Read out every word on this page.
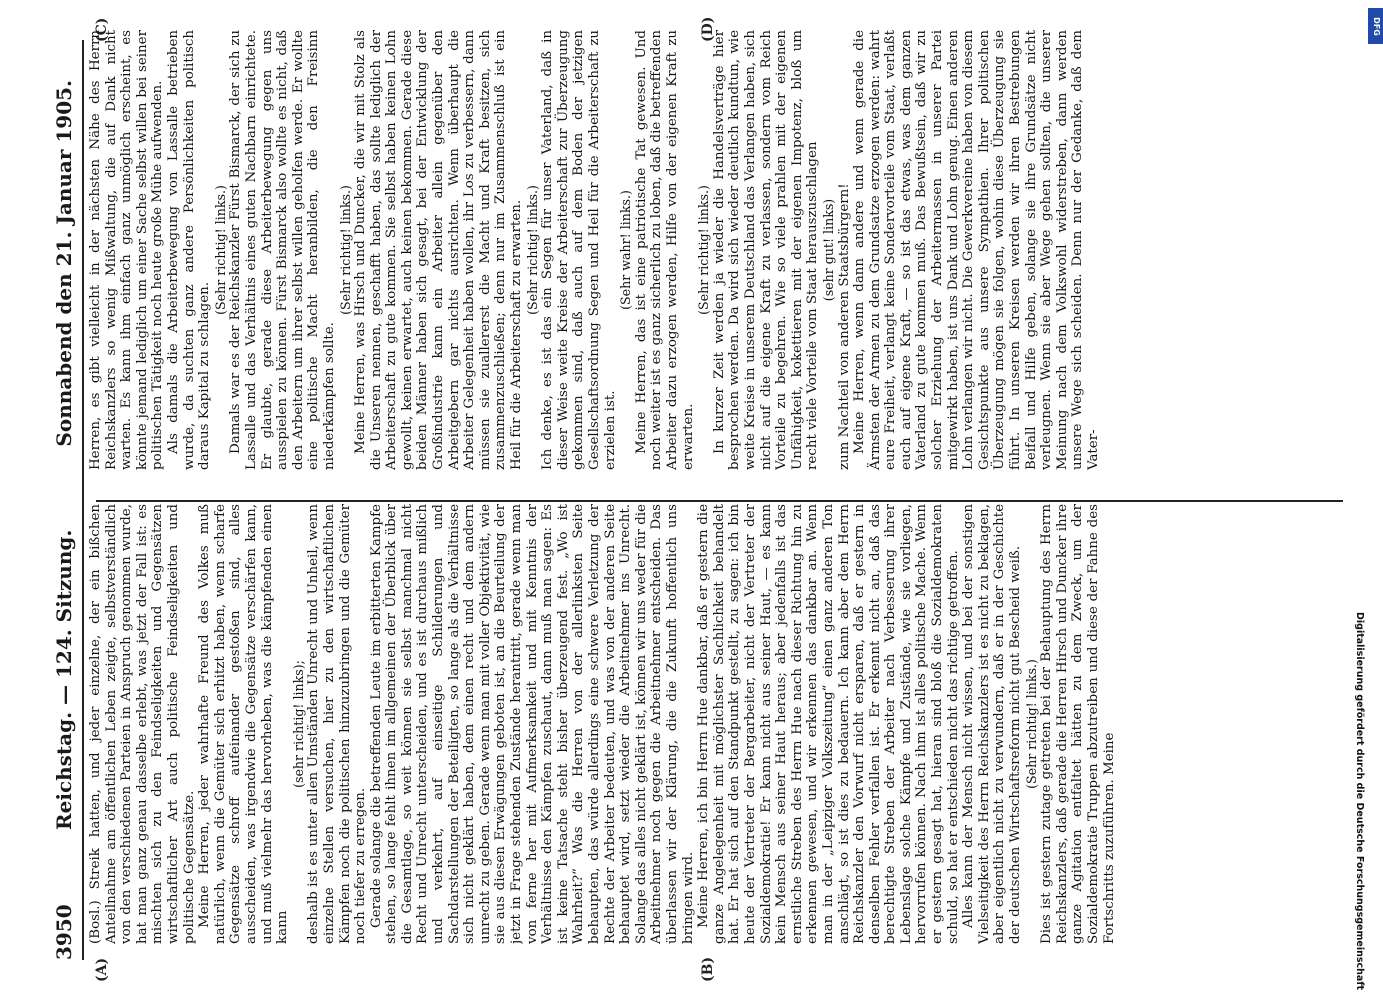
3950
Reichstag. — 124. Sitzung.
Sonnabend den 21. Januar 1905.
(A)	(B)
(C)	(D)

(Bosl.) Streik hatten, und jeder einzelne, der ein bißchen Anteilnahme am öffentlichen Leben zeigte, selbstverständlich von den verschiedenen Parteien in Anspruch genommen wurde, hat man ganz genau dasselbe erlebt, was jetzt der Fall ist: es mischten sich zu den Feindseligkeiten und Gegensätzen wirtschaftlicher Art auch politische Feindseligkeiten und politische Gegensätze. Meine Herren, jeder wahrhafte Freund des Volkes muß natürlich, wenn die Gemüter sich erhitzt haben, wenn scharfe Gegensätze schroff aufeinander gestoßen sind, alles ausscheiden, was irgendwie die Gegensätze verschärfen kann, und muß vielmehr das hervorheben, was die kämpfenden einen kann

(sehr richtig! links); deshalb ist es unter allen Umständen Unrecht und Unheil, wenn einzelne Stellen versuchen, hier zu den wirtschaftlichen Kämpfen noch die politischen hinzuzubringen und die Gemüter noch tiefer zu erregen. Gerade solange die betreffenden Leute im erbitterten Kampfe stehen, so lange fehlt ihnen im allgemeinen der Überblick über die Gesamtlage, so weit können sie selbst manchmal nicht Recht und Unrecht unterscheiden, und es ist durchaus mißlich und verkehrt, auf einseitige Schilderungen und Sachdarstellungen der Beteiligten, so lange als die Verhältnisse sich nicht geklärt haben, dem einen recht und dem andern unrecht zu geben. Gerade wenn man mit voller Objektivität, wie sie aus diesen Erwägungen geboten ist, an die Beurteilung der jetzt in Frage stehenden Zustände herantritt, gerade wenn man von ferne her mit Aufmerksamkeit und mit Kenntnis der Verhältnisse den Kämpfen zuschaut, dann muß man sagen: Es ist keine Tatsache steht bisher überzeugend fest. „Wo ist Wahrheit?“ Was die Herren von der allerlinksten Seite behaupten, das würde allerdings eine schwere Verletzung der Rechte der Arbeiter bedeuten, und was von der anderen Seite behauptet wird, setzt wieder die Arbeitnehmer ins Unrecht. Solange das alles nicht geklärt ist, können wir uns weder für die Arbeitnehmer noch gegen die Arbeitnehmer entscheiden. Das überlassen wir der Klärung, die die Zukunft hoffentlich uns bringen wird. Meine Herren, ich bin Herrn Hue dankbar, daß er gestern die ganze Angelegenheit mit möglichster Sachlichkeit behandelt hat. Er hat sich auf den Standpunkt gestellt, zu sagen: ich bin heute der Vertreter der Bergarbeiter, nicht der Vertreter der Sozialdemokratie! Er kann nicht aus seiner Haut, — es kann kein Mensch aus seiner Haut heraus; aber jedenfalls ist das ernstliche Streben des Herrn Hue nach dieser Richtung hin zu erkennen gewesen, und wir erkennen das dankbar an. Wenn man in der „Leipziger Volkszeitung“ einen ganz anderen Ton anschlägt, so ist dies zu bedauern. Ich kann aber dem Herrn Reichskanzler den Vorwurf nicht ersparen, daß er gestern in denselben Fehler verfallen ist. Er erkennt nicht an, daß das berechtigte Streben der Arbeiter nach Verbesserung ihrer Lebenslage solche Kämpfe und Zustände, wie sie vorliegen, hervorrufen können. Nach ihm ist alles politische Mache. Wenn er gestern gesagt hat, hieran sind bloß die Sozialdemokraten schuld, so hat er entschieden nicht das richtige getroffen. Alles kann der Mensch nicht wissen, und bei der sonstigen Vielseitigkeit des Herrn Reichskanzlers ist es nicht zu beklagen, aber eigentlich nicht zu verwundern, daß er in der Geschichte der deutschen Wirtschaftsreform nicht gut Bescheid weiß. (Sehr richtig! links.) Dies ist gestern zutage getreten bei der Behauptung des Herrn Reichskanzlers, daß gerade die Herren Hirsch und Duncker ihre ganze Agitation entfaltet hätten zu dem Zweck, um der Sozialdemokratie Truppen abzutreiben und diese der Fahne des Fortschritts zuzuführen. Meine

Herren, es gibt vielleicht in der nächsten Nähe des Herrn Reichskanzlers so wenig Mißwaltung, die auf Dank nicht warten. Es kann ihm einfach ganz unmöglich erscheint, es könnte jemand lediglich um einer Sache selbst willen bei seiner politischen Tätigkeit noch heute große Mühe aufwenden. Als damals die Arbeiterbewegung von Lassalle betrieben wurde, da suchten ganz andere Persönlichkeiten politisch daraus Kapital zu schlagen.

(Sehr richtig! links.) Damals war es der Reichskanzler Fürst Bismarck, der sich zu Lassalle und das Verhältnis eines guten Nachbarn einrichtete. Er glaubte, gerade diese Arbeiterbewegung gegen uns ausspielen zu können. Fürst Bismarck also wollte es nicht, daß den Arbeitern um ihrer selbst willen geholfen werde. Er wollte eine politische Macht heranbilden, die den Freisinn niederkämpfen sollte.

(Sehr richtig! links.) Meine Herren, was Hirsch und Duncker, die wir mit Stolz als die Unseren nennen, geschafft haben, das sollte lediglich der Arbeiterschaft zu gute kommen. Sie selbst haben keinen Lohn gewollt, keinen erwartet, auch keinen bekommen. Gerade diese beiden Männer haben sich gesagt, bei der Entwicklung der Großindustrie kann ein Arbeiter allein gegenüber den Arbeitgebern gar nichts ausrichten. Wenn überhaupt die Arbeiter Gelegenheit haben wollen, ihr Los zu verbessern, dann müssen sie zuallererst die Macht und Kraft besitzen, sich zusammenzuschließen; denn nur im Zusammenschluß ist ein Heil für die Arbeiterschaft zu erwarten. (Sehr richtig! links.) Ich denke, es ist das ein Segen für unser Vaterland, daß in dieser Weise weite Kreise der Arbeiterschaft zur Überzeugung gekommen sind, daß auch auf dem Boden der jetzigen Gesellschaftsordnung Segen und Heil für die Arbeiterschaft zu erzielen ist.

(Sehr wahr! links.) Meine Herren, das ist eine patriotische Tat gewesen. Und noch weiter ist es ganz sicherlich zu loben, daß die betreffenden Arbeiter dazu erzogen werden, Hilfe von der eigenen Kraft zu erwarten.

(Sehr richtig! links.) In kurzer Zeit werden ja wieder die Handelsverträge hier besprochen werden. Da wird sich wieder deutlich kundtun, wie weite Kreise in unserem Deutschland das Verlangen haben, sich nicht auf die eigene Kraft zu verlassen, sondern vom Reich Vorteile zu begehren. Wie so viele prahlen mit der eigenen Unfähigkeit, kokettieren mit der eigenen Impotenz, bloß um recht viele Vorteile vom Staat herauszuschlagen (sehr gut! links) zum Nachteil von anderen Staatsbürgern! Meine Herren, wenn dann andere und wenn gerade die Ärmsten der Armen zu dem Grundsatze erzogen werden: wahrt eure Freiheit, verlangt keine Sondervorteile vom Staat, verlaßt euch auf eigene Kraft, — so ist das etwas, was dem ganzen Vaterland zu gute kommen muß. Das Bewußtsein, daß wir zu solcher Erziehung der Arbeitermassen in unserer Partei mitgewirkt haben, ist uns Dank und Lohn genug. Einen anderen Lohn verlangen wir nicht. Die Gewerkvereine haben von diesem Gesichtspunkte aus unsere Sympathien. Ihrer politischen Überzeugung mögen sie folgen, wohin diese Überzeugung sie führt. In unseren Kreisen werden wir ihren Bestrebungen Beifall und Hilfe geben, solange sie ihre Grundsätze nicht verleugnen. Wenn sie aber Wege gehen sollten, die unserer Meinung nach dem Volkswohl widerstreben, dann werden unsere Wege sich scheiden. Denn nur der Gedanke, daß dem Vater-

DFG
Digitalisierung gefördert durch die Deutsche Forschungsgemeinschaft
